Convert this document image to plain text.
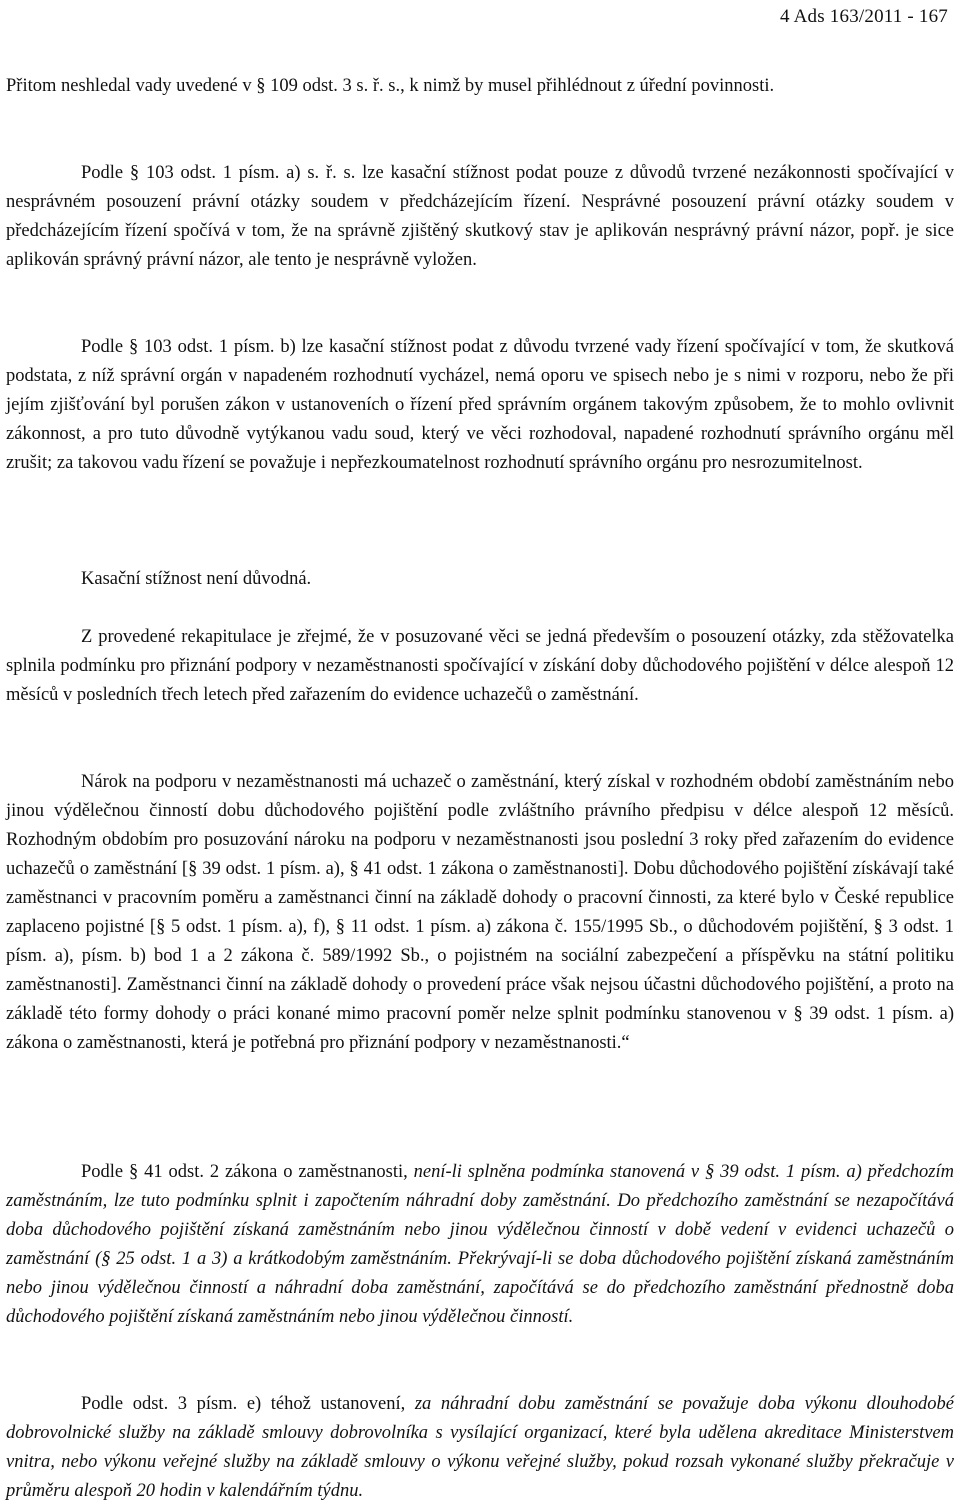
4 Ads 163/2011 - 167

Přitom neshledal vady uvedené v § 109 odst. 3 s. ř. s., k nimž by musel přihlédnout z úřední povinnosti.

Podle § 103 odst. 1 písm. a) s. ř. s. lze kasační stížnost podat pouze z důvodů tvrzené nezákonnosti spočívající v nesprávném posouzení právní otázky soudem v předcházejícím řízení. Nesprávné posouzení právní otázky soudem v předcházejícím řízení spočívá v tom, že na správně zjištěný skutkový stav je aplikován nesprávný právní názor, popř. je sice aplikován správný právní názor, ale tento je nesprávně vyložen.

Podle § 103 odst. 1 písm. b) lze kasační stížnost podat z důvodu tvrzené vady řízení spočívající v tom, že skutková podstata, z níž správní orgán v napadeném rozhodnutí vycházel, nemá oporu ve spisech nebo je s nimi v rozporu, nebo že při jejím zjišťování byl porušen zákon v ustanoveních o řízení před správním orgánem takovým způsobem, že to mohlo ovlivnit zákonnost, a pro tuto důvodně vytýkanou vadu soud, který ve věci rozhodoval, napadené rozhodnutí správního orgánu měl zrušit; za takovou vadu řízení se považuje i nepřezkoumatelnost rozhodnutí správního orgánu pro nesrozumitelnost.

Kasační stížnost není důvodná.

Z provedené rekapitulace je zřejmé, že v posuzované věci se jedná především o posouzení otázky, zda stěžovatelka splnila podmínku pro přiznání podpory v nezaměstnanosti spočívající v získání doby důchodového pojištění v délce alespoň 12 měsíců v posledních třech letech před zařazením do evidence uchazečů o zaměstnání.

Nárok na podporu v nezaměstnanosti má uchazeč o zaměstnání, který získal v rozhodném období zaměstnáním nebo jinou výdělečnou činností dobu důchodového pojištění podle zvláštního právního předpisu v délce alespoň 12 měsíců. Rozhodným obdobím pro posuzování nároku na podporu v nezaměstnanosti jsou poslední 3 roky před zařazením do evidence uchazečů o zaměstnání [§ 39 odst. 1 písm. a), § 41 odst. 1 zákona o zaměstnanosti]. Dobu důchodového pojištění získávají také zaměstnanci v pracovním poměru a zaměstnanci činní na základě dohody o pracovní činnosti, za které bylo v České republice zaplaceno pojistné [§ 5 odst. 1 písm. a), f), § 11 odst. 1 písm. a) zákona č. 155/1995 Sb., o důchodovém pojištění, § 3 odst. 1 písm. a), písm. b) bod 1 a 2 zákona č. 589/1992 Sb., o pojistném na sociální zabezpečení a příspěvku na státní politiku zaměstnanosti]. Zaměstnanci činní na základě dohody o provedení práce však nejsou účastni důchodového pojištění, a proto na základě této formy dohody o práci konané mimo pracovní poměr nelze splnit podmínku stanovenou v § 39 odst. 1 písm. a) zákona o zaměstnanosti, která je potřebná pro přiznání podpory v nezaměstnanosti.“

Podle § 41 odst. 2 zákona o zaměstnanosti, není-li splněna podmínka stanovená v § 39 odst. 1 písm. a) předchozím zaměstnáním, lze tuto podmínku splnit i započtením náhradní doby zaměstnání. Do předchozího zaměstnání se nezapočítává doba důchodového pojištění získaná zaměstnáním nebo jinou výdělečnou činností v době vedení v evidenci uchazečů o zaměstnání (§ 25 odst. 1 a 3) a krátkodobým zaměstnáním. Překrývají-li se doba důchodového pojištění získaná zaměstnáním nebo jinou výdělečnou činností a náhradní doba zaměstnání, započítává se do předchozího zaměstnání přednostně doba důchodového pojištění získaná zaměstnáním nebo jinou výdělečnou činností.

Podle odst. 3 písm. e) téhož ustanovení, za náhradní dobu zaměstnání se považuje doba výkonu dlouhodobé dobrovolnické služby na základě smlouvy dobrovolníka s vysílající organizací, které byla udělena akreditace Ministerstvem vnitra, nebo výkonu veřejné služby na základě smlouvy o výkonu veřejné služby, pokud rozsah vykonané služby překračuje v průměru alespoň 20 hodin v kalendářním týdnu.
